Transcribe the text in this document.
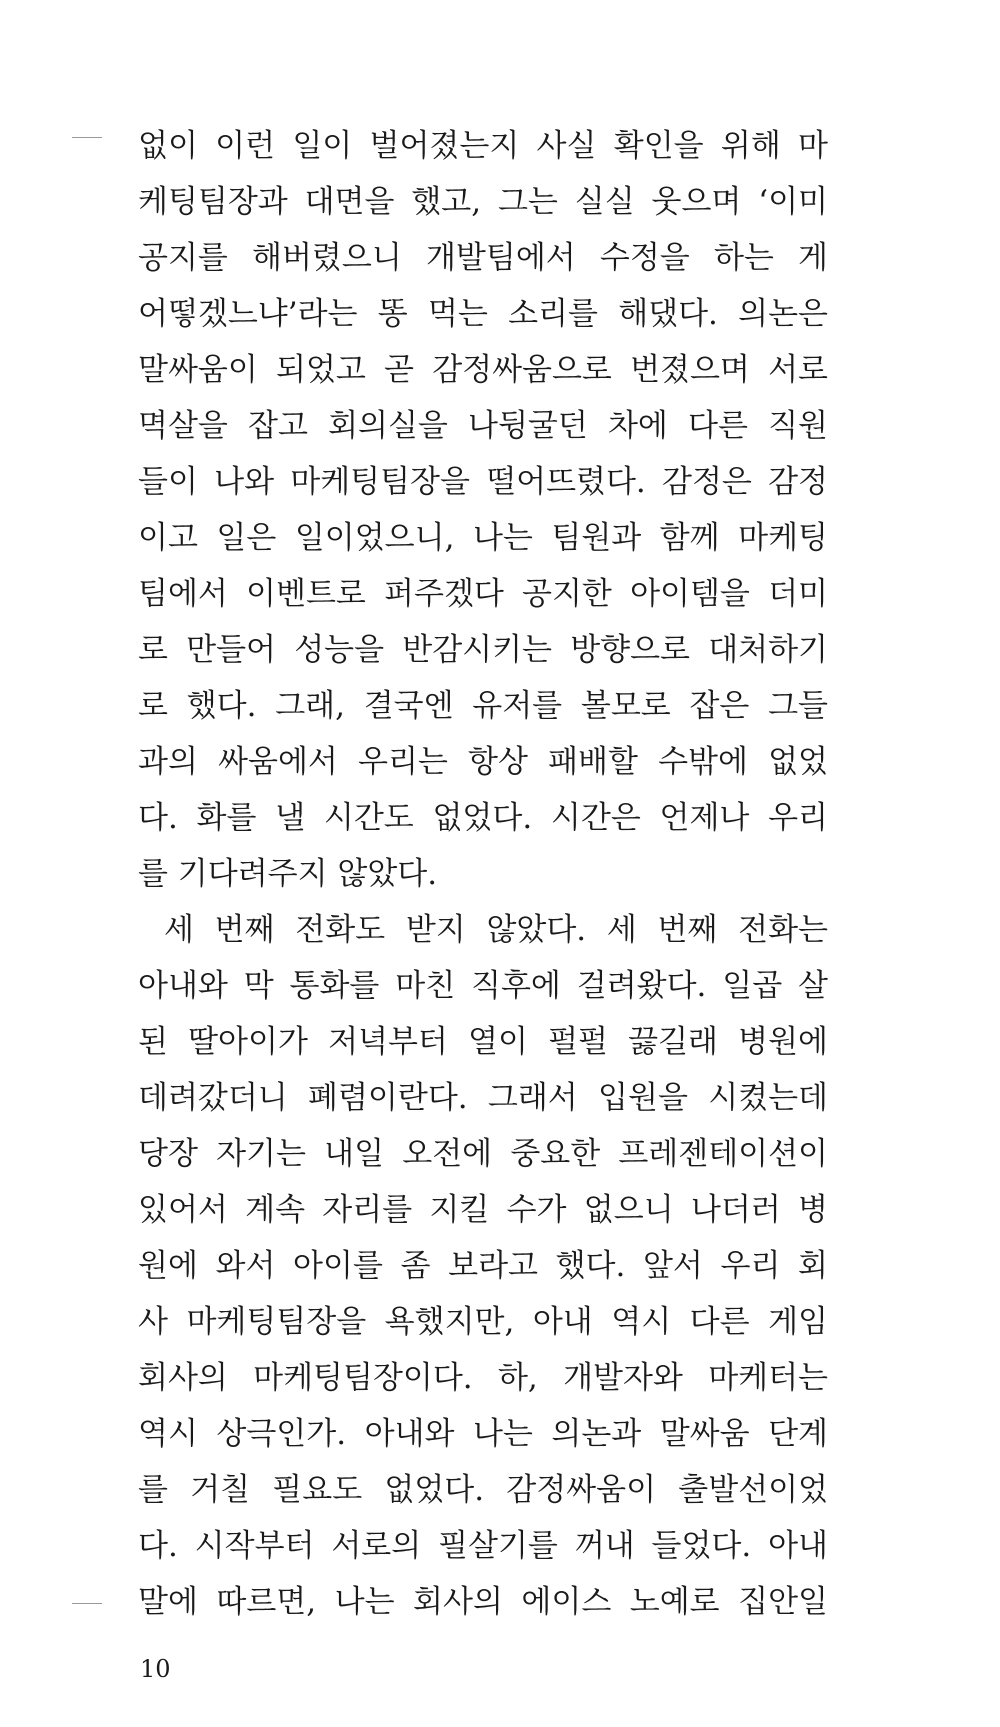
없이 이런 일이 벌어졌는지 사실 확인을 위해 마
케팅팀장과 대면을 했고, 그는 실실 웃으며 ‘이미
공지를 해버렸으니 개발팀에서 수정을 하는 게
어떻겠느냐’라는 똥 먹는 소리를 해댔다. 의논은
말싸움이 되었고 곧 감정싸움으로 번졌으며 서로
멱살을 잡고 회의실을 나뒹굴던 차에 다른 직원
들이 나와 마케팅팀장을 떨어뜨렸다. 감정은 감정
이고 일은 일이었으니, 나는 팀원과 함께 마케팅
팀에서 이벤트로 퍼주겠다 공지한 아이템을 더미
로 만들어 성능을 반감시키는 방향으로 대처하기
로 했다. 그래, 결국엔 유저를 볼모로 잡은 그들
과의 싸움에서 우리는 항상 패배할 수밖에 없었
다. 화를 낼 시간도 없었다. 시간은 언제나 우리
를 기다려주지 않았다.
세 번째 전화도 받지 않았다. 세 번째 전화는
아내와 막 통화를 마친 직후에 걸려왔다. 일곱 살
된 딸아이가 저녁부터 열이 펄펄 끓길래 병원에
데려갔더니 폐렴이란다. 그래서 입원을 시켰는데
당장 자기는 내일 오전에 중요한 프레젠테이션이
있어서 계속 자리를 지킬 수가 없으니 나더러 병
원에 와서 아이를 좀 보라고 했다. 앞서 우리 회
사 마케팅팀장을 욕했지만, 아내 역시 다른 게임
회사의 마케팅팀장이다. 하, 개발자와 마케터는
역시 상극인가. 아내와 나는 의논과 말싸움 단계
를 거칠 필요도 없었다. 감정싸움이 출발선이었
다. 시작부터 서로의 필살기를 꺼내 들었다. 아내
말에 따르면, 나는 회사의 에이스 노예로 집안일
10
